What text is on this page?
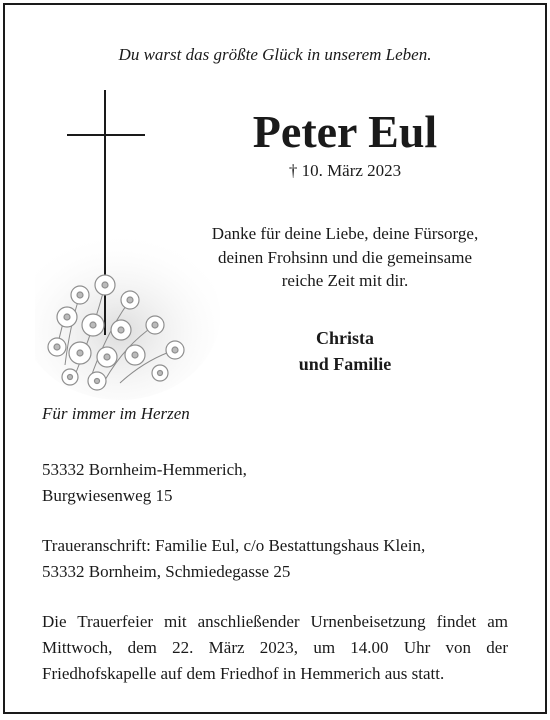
Du warst das größte Glück in unserem Leben.
Peter Eul
† 10. März 2023
Danke für deine Liebe, deine Fürsorge,
deinen Frohsinn und die gemeinsame
reiche Zeit mit dir.
Christa
und Familie
Für immer im Herzen
53332 Bornheim-Hemmerich,
Burgwiesenweg 15
Traueranschrift: Familie Eul, c/o Bestattungshaus Klein,
53332 Bornheim, Schmiedegasse 25
Die Trauerfeier mit anschließender Urnenbeisetzung findet am Mittwoch, dem 22. März 2023, um 14.00 Uhr von der Friedhofskapelle auf dem Friedhof in Hemmerich aus statt.
